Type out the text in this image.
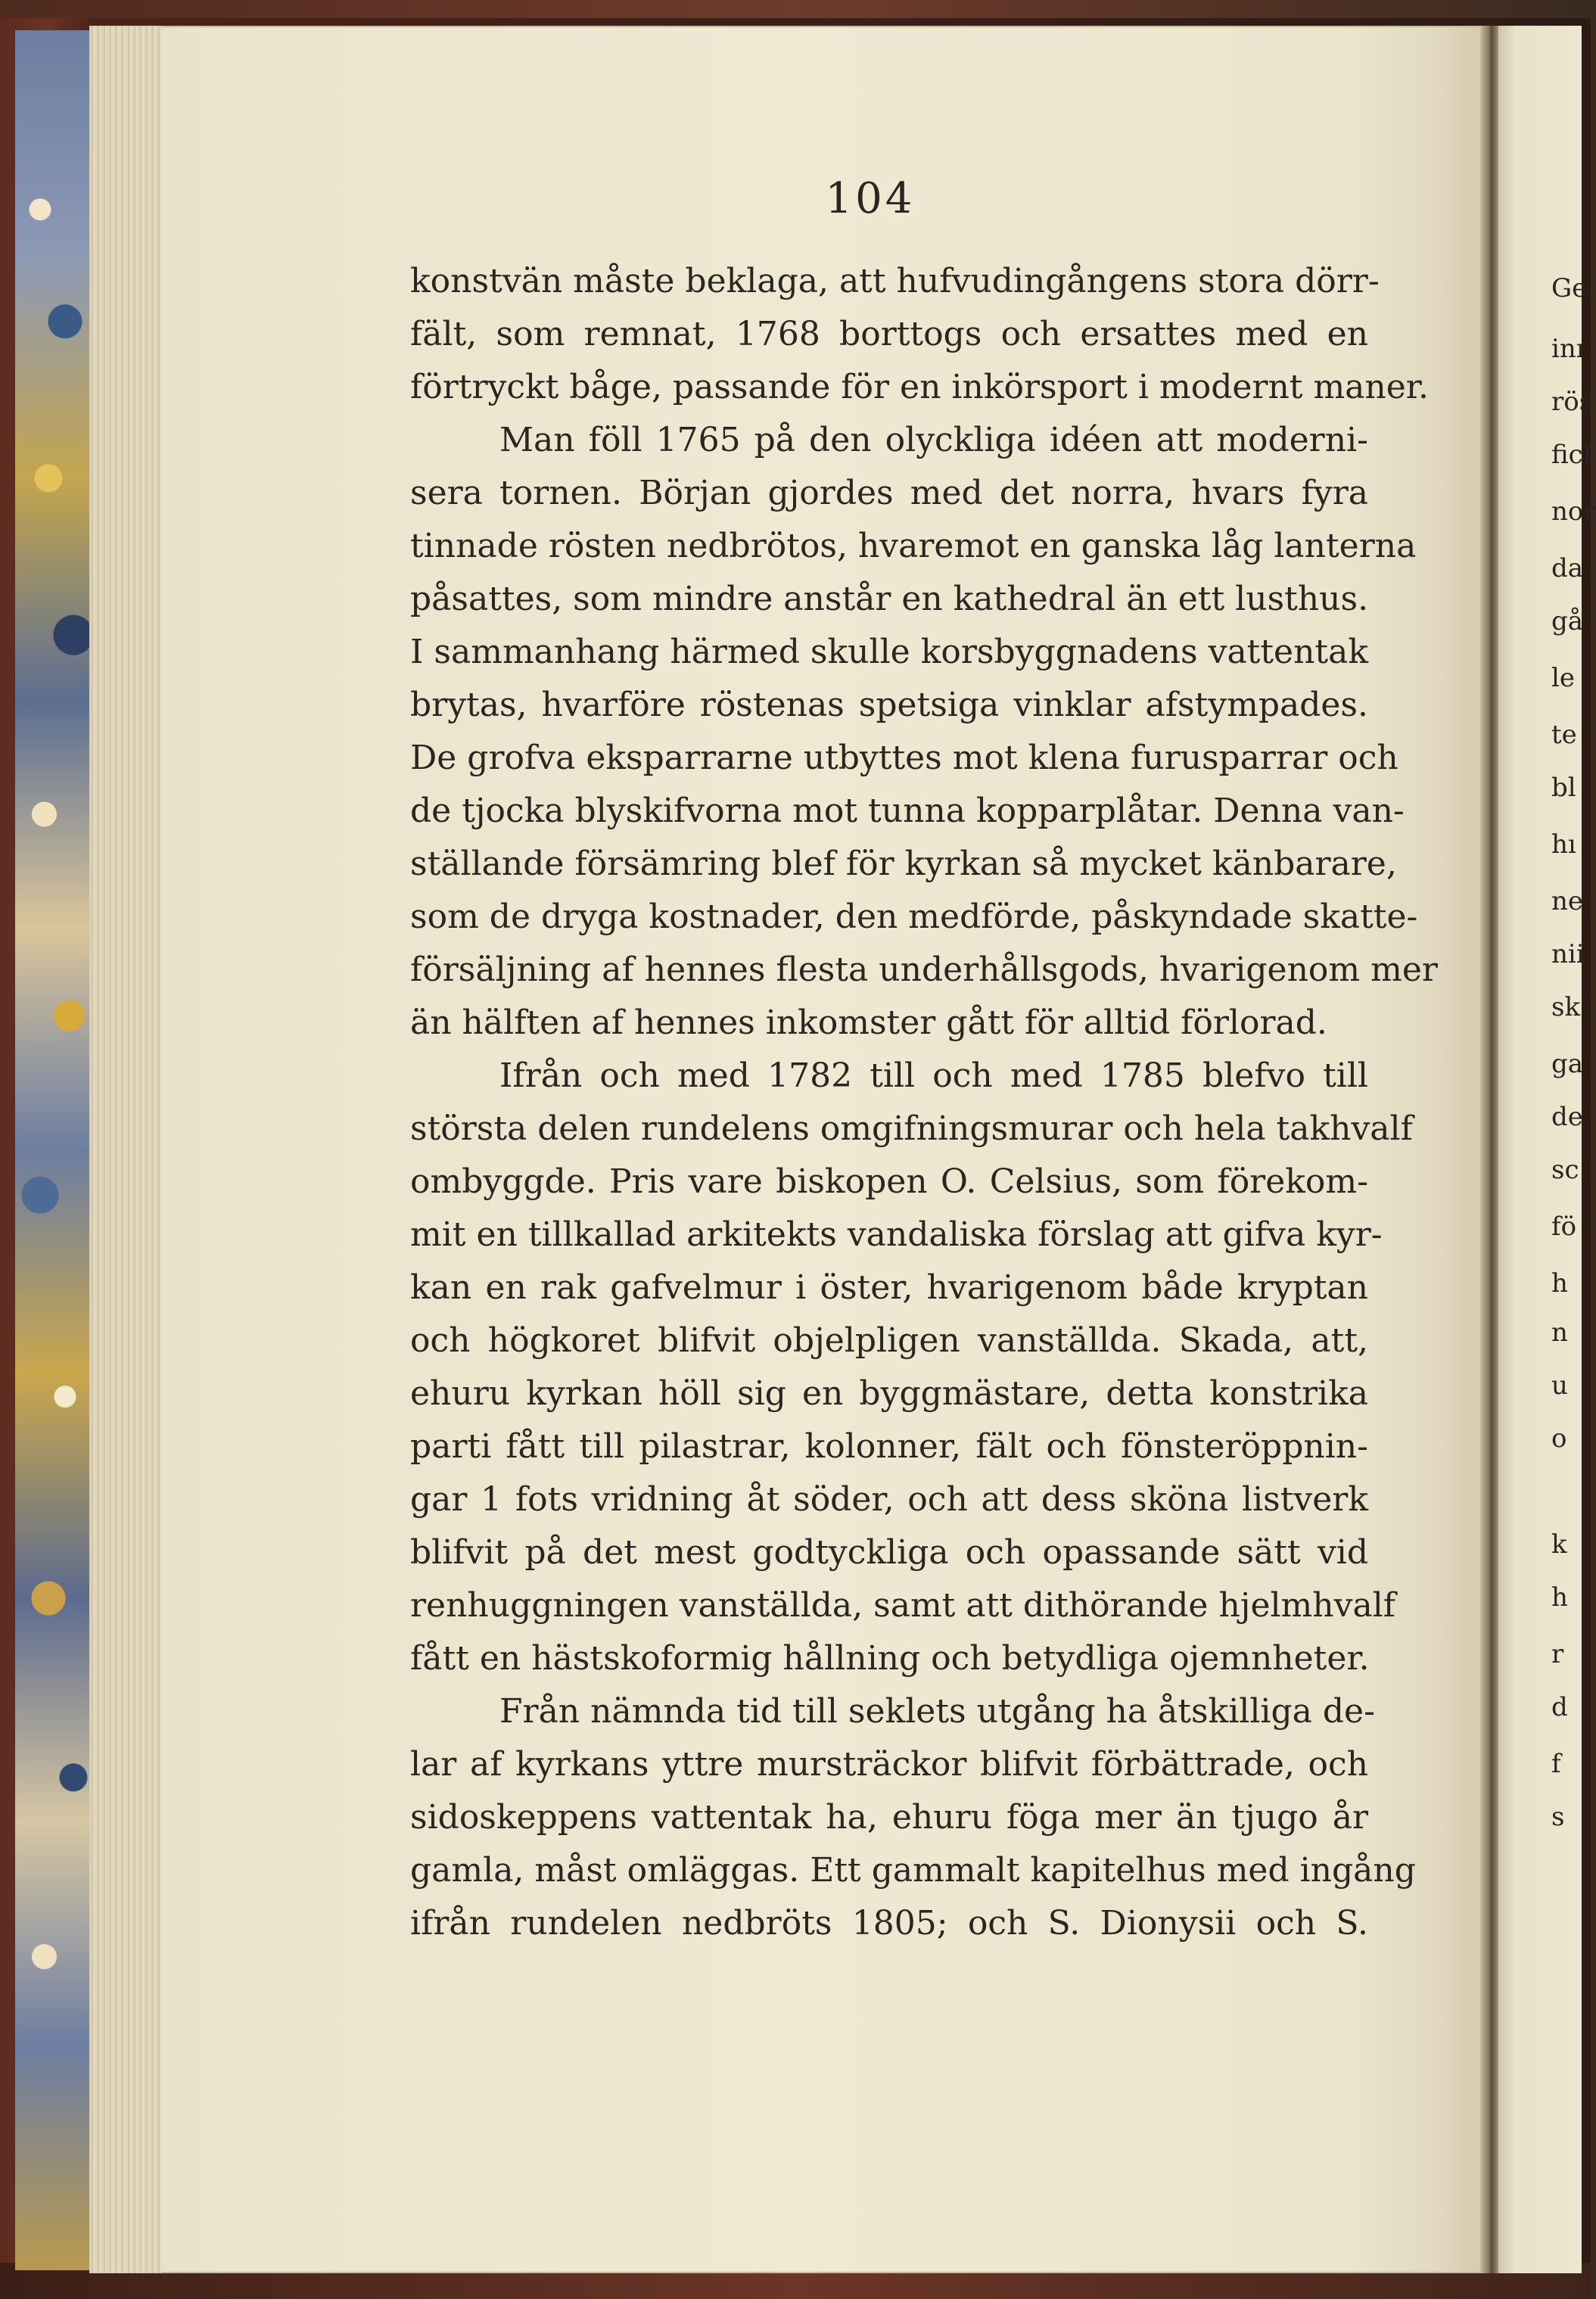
104
konstvän måste beklaga, att hufvudingångens stora dörr-
fält, som remnat, 1768 borttogs och ersattes med en
förtryckt båge, passande för en inkörsport i modernt maner.
Man föll 1765 på den olyckliga idéen att moderni-
sera tornen. Början gjordes med det norra, hvars fyra
tinnade rösten nedbrötos, hvaremot en ganska låg lanterna
påsattes, som mindre anstår en kathedral än ett lusthus.
I sammanhang härmed skulle korsbyggnadens vattentak
brytas, hvarföre röstenas spetsiga vinklar afstympades.
De grofva eksparrarne utbyttes mot klena furusparrar och
de tjocka blyskifvorna mot tunna kopparplåtar. Denna van-
ställande försämring blef för kyrkan så mycket känbarare,
som de dryga kostnader, den medförde, påskyndade skatte-
försäljning af hennes flesta underhållsgods, hvarigenom mer
än hälften af hennes inkomster gått för alltid förlorad.
Ifrån och med 1782 till och med 1785 blefvo till
största delen rundelens omgifningsmurar och hela takhvalf
ombyggde. Pris vare biskopen O. Celsius, som förekom-
mit en tillkallad arkitekts vandaliska förslag att gifva kyr-
kan en rak gafvelmur i öster, hvarigenom både kryptan
och högkoret blifvit objelpligen vanställda. Skada, att,
ehuru kyrkan höll sig en byggmästare, detta konstrika
parti fått till pilastrar, kolonner, fält och fönsteröppnin-
gar 1 fots vridning åt söder, och att dess sköna listverk
blifvit på det mest godtyckliga och opassande sätt vid
renhuggningen vanställda, samt att dithörande hjelmhvalf
fått en hästskoformig hållning och betydliga ojemnheter.
Från nämnda tid till seklets utgång ha åtskilliga de-
lar af kyrkans yttre mursträckor blifvit förbättrade, och
sidoskeppens vattentak ha, ehuru föga mer än tjugo år
gamla, måst omläggas. Ett gammalt kapitelhus med ingång
ifrån rundelen nedbröts 1805; och S. Dionysii och S.
Ge
inı
rös
ficl
nor
da
gå
le
te
bl
hı
ne
nii
sk
ga
de
sc
fö
h
n
u
o
k
h
r
d
f
s
